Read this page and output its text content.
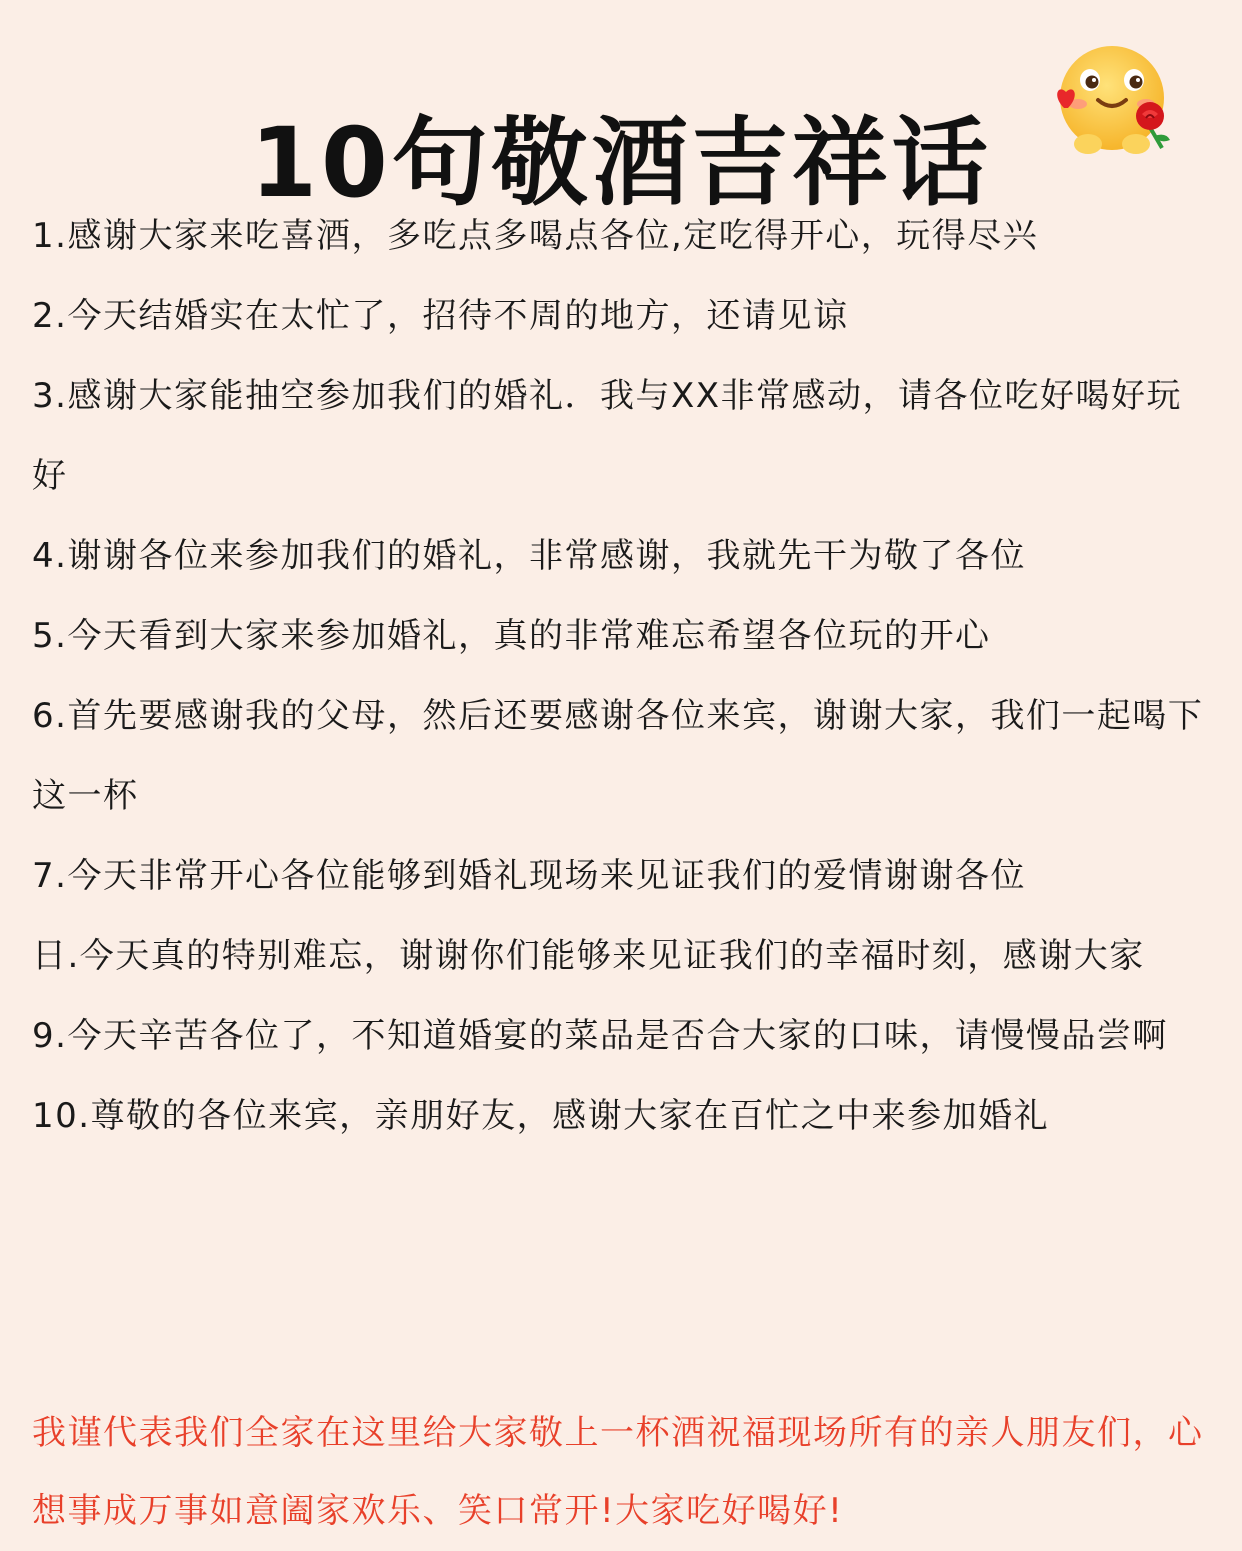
10句敬酒吉祥话

1.感谢大家来吃喜酒，多吃点多喝点各位,定吃得开心，玩得尽兴

2.今天结婚实在太忙了，招待不周的地方，还请见谅

3.感谢大家能抽空参加我们的婚礼．我与XX非常感动，请各位吃好喝好玩好

4.谢谢各位来参加我们的婚礼，非常感谢，我就先干为敬了各位

5.今天看到大家来参加婚礼，真的非常难忘希望各位玩的开心

6.首先要感谢我的父母，然后还要感谢各位来宾，谢谢大家，我们一起喝下这一杯

7.今天非常开心各位能够到婚礼现场来见证我们的爱情谢谢各位

日.今天真的特别难忘，谢谢你们能够来见证我们的幸福时刻，感谢大家

9.今天辛苦各位了，不知道婚宴的菜品是否合大家的口味，请慢慢品尝啊

10.尊敬的各位来宾，亲朋好友，感谢大家在百忙之中来参加婚礼

我谨代表我们全家在这里给大家敬上一杯酒祝福现场所有的亲人朋友们，心想事成万事如意阖家欢乐、笑口常开!大家吃好喝好!
